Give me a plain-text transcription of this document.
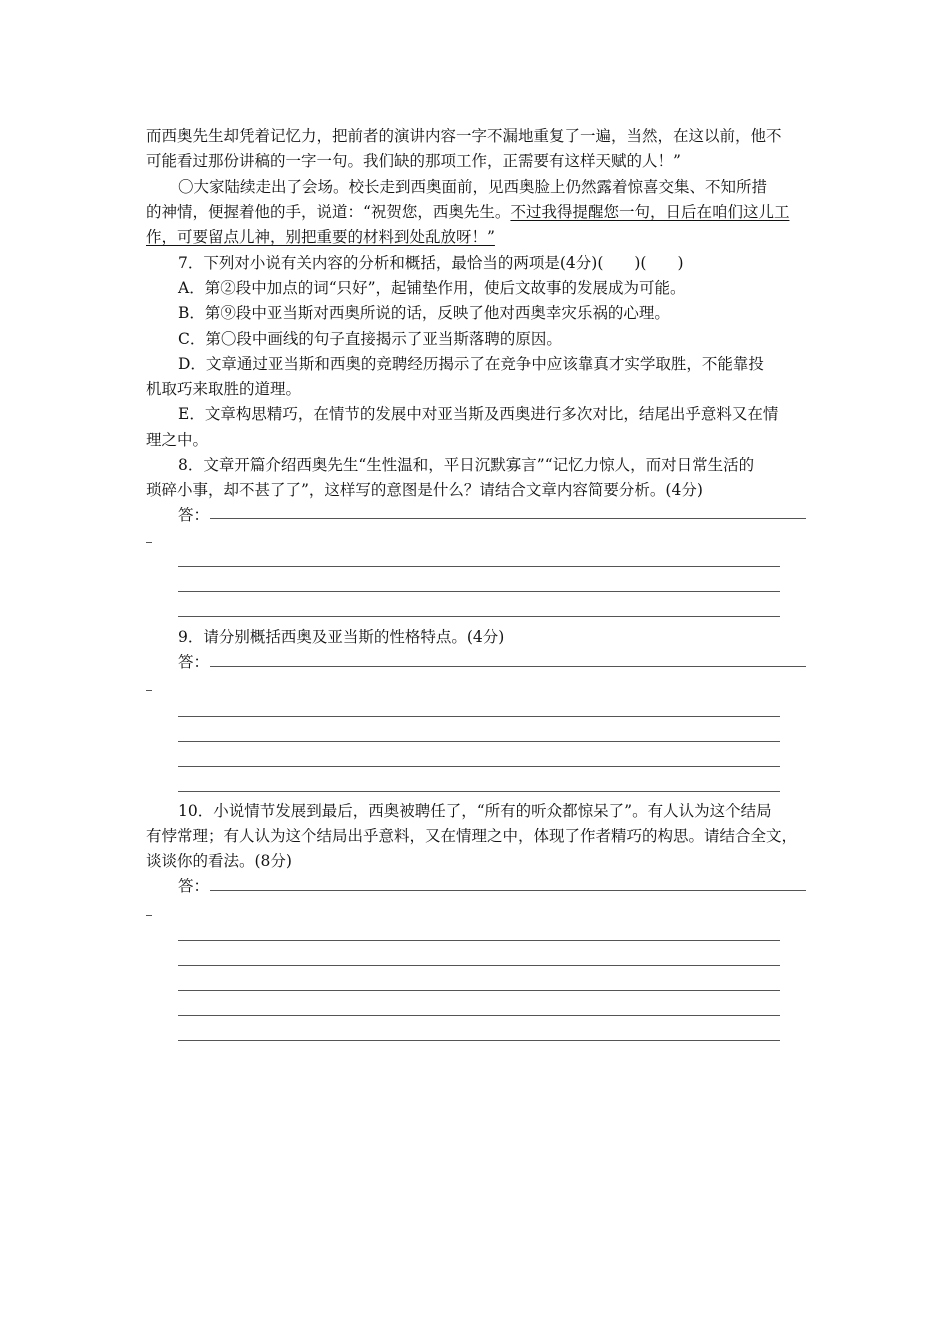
而西奥先生却凭着记忆力，把前者的演讲内容一字不漏地重复了一遍，当然，在这以前，他不
可能看过那份讲稿的一字一句。我们缺的那项工作，正需要有这样天赋的人！”
〇大家陆续走出了会场。校长走到西奥面前，见西奥脸上仍然露着惊喜交集、不知所措
的神情，便握着他的手，说道：“祝贺您，西奥先生。不过我得提醒您一句，日后在咱们这儿工
作，可要留点儿神，别把重要的材料到处乱放呀！”
7．下列对小说有关内容的分析和概括，最恰当的两项是(4分)(　　)(　　)
A．第②段中加点的词“只好”，起铺垫作用，使后文故事的发展成为可能。
B．第⑨段中亚当斯对西奥所说的话，反映了他对西奥幸灾乐祸的心理。
C．第〇段中画线的句子直接揭示了亚当斯落聘的原因。
D．文章通过亚当斯和西奥的竞聘经历揭示了在竞争中应该靠真才实学取胜，不能靠投
机取巧来取胜的道理。
E．文章构思精巧，在情节的发展中对亚当斯及西奥进行多次对比，结尾出乎意料又在情
理之中。
8．文章开篇介绍西奥先生“生性温和，平日沉默寡言”“记忆力惊人，而对日常生活的
琐碎小事，却不甚了了”，这样写的意图是什么？请结合文章内容简要分析。(4分)
答：
9．请分别概括西奥及亚当斯的性格特点。(4分)
答：
10．小说情节发展到最后，西奥被聘任了，“所有的听众都惊呆了”。有人认为这个结局
有悖常理；有人认为这个结局出乎意料，又在情理之中，体现了作者精巧的构思。请结合全文，
谈谈你的看法。(8分)
答：
